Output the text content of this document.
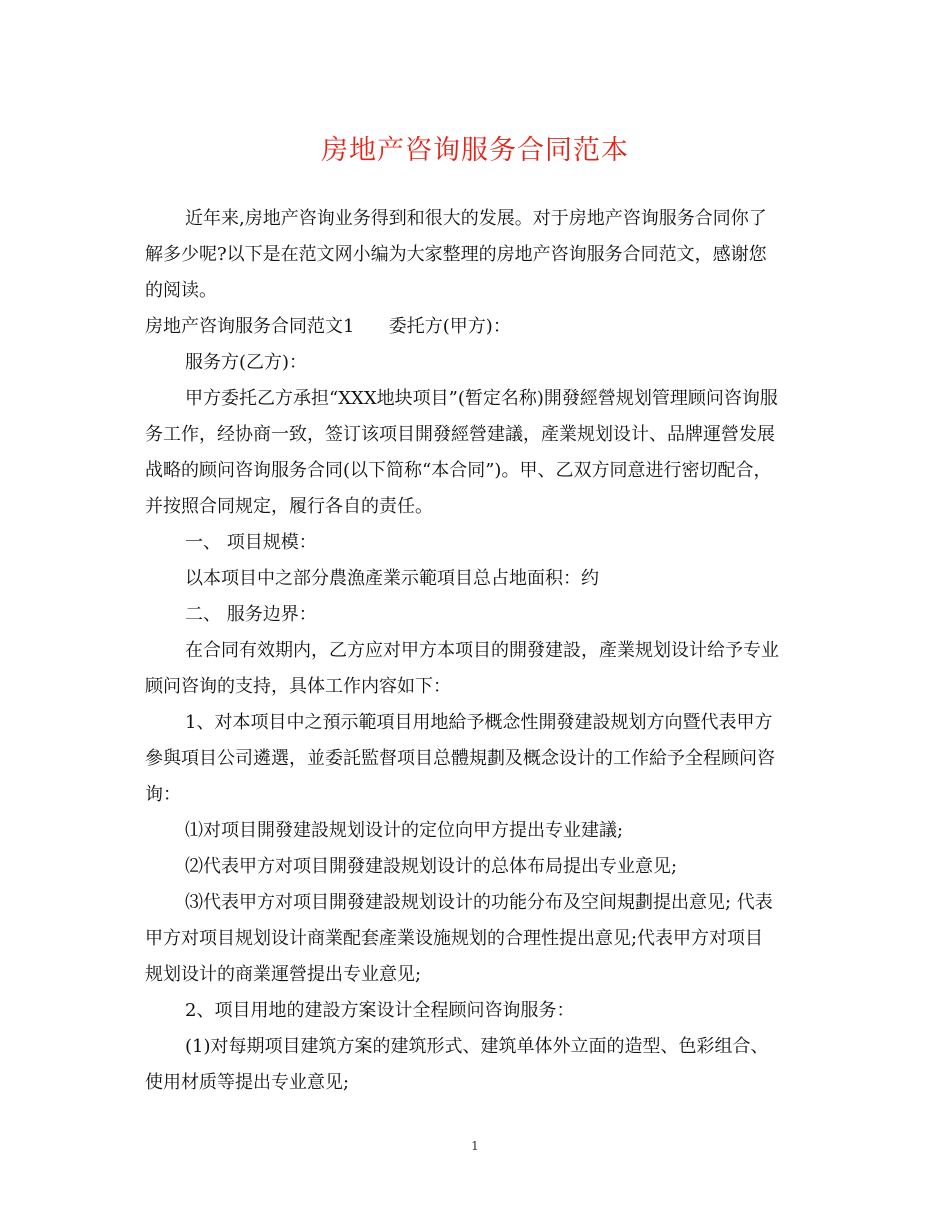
房地产咨询服务合同范本

近年来,房地产咨询业务得到和很大的发展。对于房地产咨询服务合同你了

解多少呢?以下是在范文网小编为大家整理的房地产咨询服务合同范文，感谢您

的阅读。

房地产咨询服务合同范文1      委托方(甲方)：

服务方(乙方)：

甲方委托乙方承担“XXX地块项目”(暂定名称)開發經營规划管理顾问咨询服

务工作，经协商一致，签订该项目開發經營建議，產業规划设计、品牌運營发展

战略的顾问咨询服务合同(以下简称“本合同”)。甲、乙双方同意进行密切配合，

并按照合同规定，履行各自的责任。

一、 项目规模：

以本项目中之部分農漁產業示範項目总占地面积：约

二、 服务边界：

在合同有效期内，乙方应对甲方本项目的開發建設，產業规划设计给予专业

顾问咨询的支持，具体工作内容如下：

1、对本项目中之預示範項目用地給予概念性開發建設规划方向暨代表甲方

參與項目公司遴選，並委託監督项目总體規劃及概念设计的工作給予全程顾问咨

询：

⑴对项目開發建設规划设计的定位向甲方提出专业建議;

⑵代表甲方对项目開發建設规划设计的总体布局提出专业意见;

⑶代表甲方对项目開發建設规划设计的功能分布及空间規劃提出意见; 代表

甲方对项目规划设计商業配套產業设施规划的合理性提出意见;代表甲方对项目

规划设计的商業運營提出专业意见;

2、项目用地的建設方案设计全程顾问咨询服务：

(1)对每期项目建筑方案的建筑形式、建筑单体外立面的造型、色彩组合、

使用材质等提出专业意见;

1
